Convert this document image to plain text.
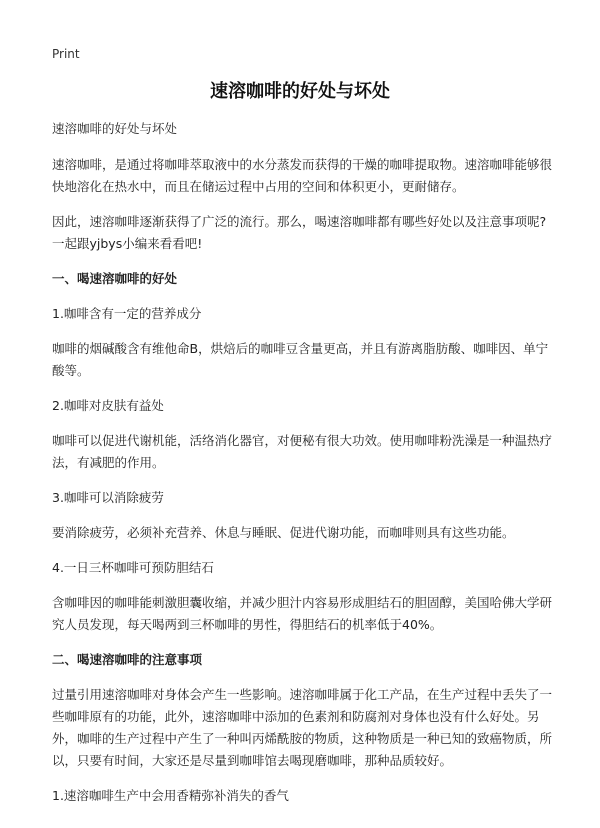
Print
速溶咖啡的好处与坏处

速溶咖啡的好处与坏处

速溶咖啡，是通过将咖啡萃取液中的水分蒸发而获得的干燥的咖啡提取物。速溶咖啡能够很快地溶化在热水中，而且在储运过程中占用的空间和体积更小，更耐储存。

因此，速溶咖啡逐渐获得了广泛的流行。那么，喝速溶咖啡都有哪些好处以及注意事项呢?一起跟yjbys小编来看看吧!

一、喝速溶咖啡的好处

1.咖啡含有一定的营养成分

咖啡的烟碱酸含有维他命B，烘焙后的咖啡豆含量更高，并且有游离脂肪酸、咖啡因、单宁酸等。

2.咖啡对皮肤有益处

咖啡可以促进代谢机能，活络消化器官，对便秘有很大功效。使用咖啡粉洗澡是一种温热疗法，有减肥的作用。

3.咖啡可以消除疲劳

要消除疲劳，必须补充营养、休息与睡眠、促进代谢功能，而咖啡则具有这些功能。

4.一日三杯咖啡可预防胆结石

含咖啡因的咖啡能刺激胆囊收缩，并减少胆汁内容易形成胆结石的胆固醇，美国哈佛大学研究人员发现，每天喝两到三杯咖啡的男性，得胆结石的机率低于40%。

二、喝速溶咖啡的注意事项

过量引用速溶咖啡对身体会产生一些影响。速溶咖啡属于化工产品，在生产过程中丢失了一些咖啡原有的功能，此外，速溶咖啡中添加的色素剂和防腐剂对身体也没有什么好处。另外，咖啡的生产过程中产生了一种叫丙烯酰胺的物质，这种物质是一种已知的致癌物质，所以，只要有时间，大家还是尽量到咖啡馆去喝现磨咖啡，那种品质较好。

1.速溶咖啡生产中会用香精弥补消失的香气
